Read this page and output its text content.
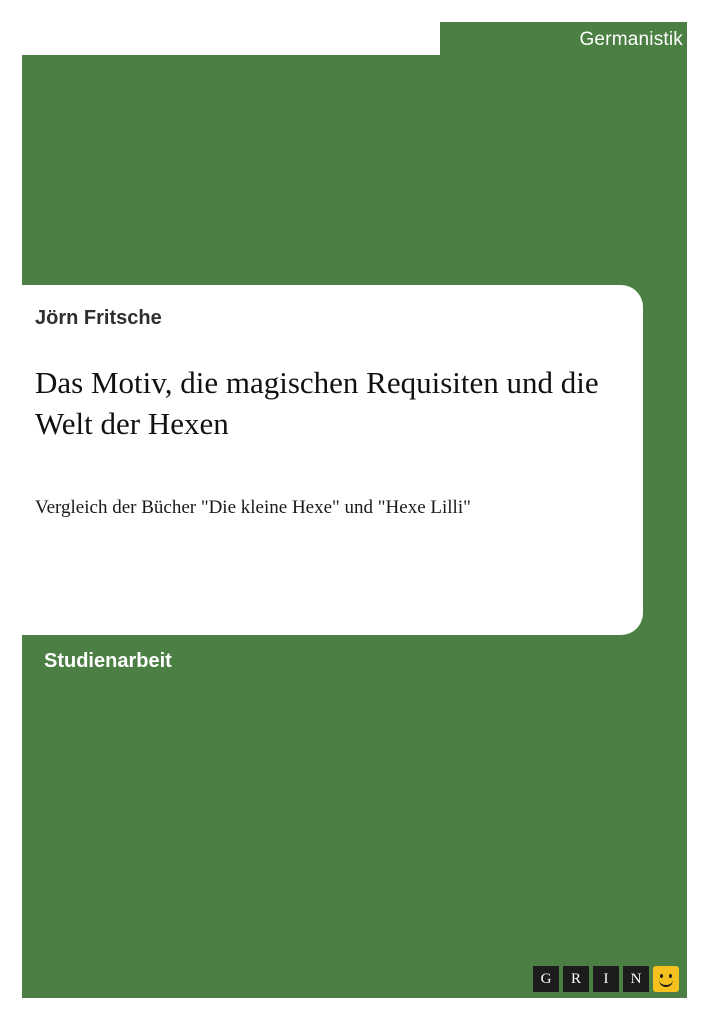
Germanistik
Jörn Fritsche
Das Motiv, die magischen Requisiten und die Welt der Hexen
Vergleich der Bücher "Die kleine Hexe" und "Hexe Lilli"
Studienarbeit
G	R	I	N
